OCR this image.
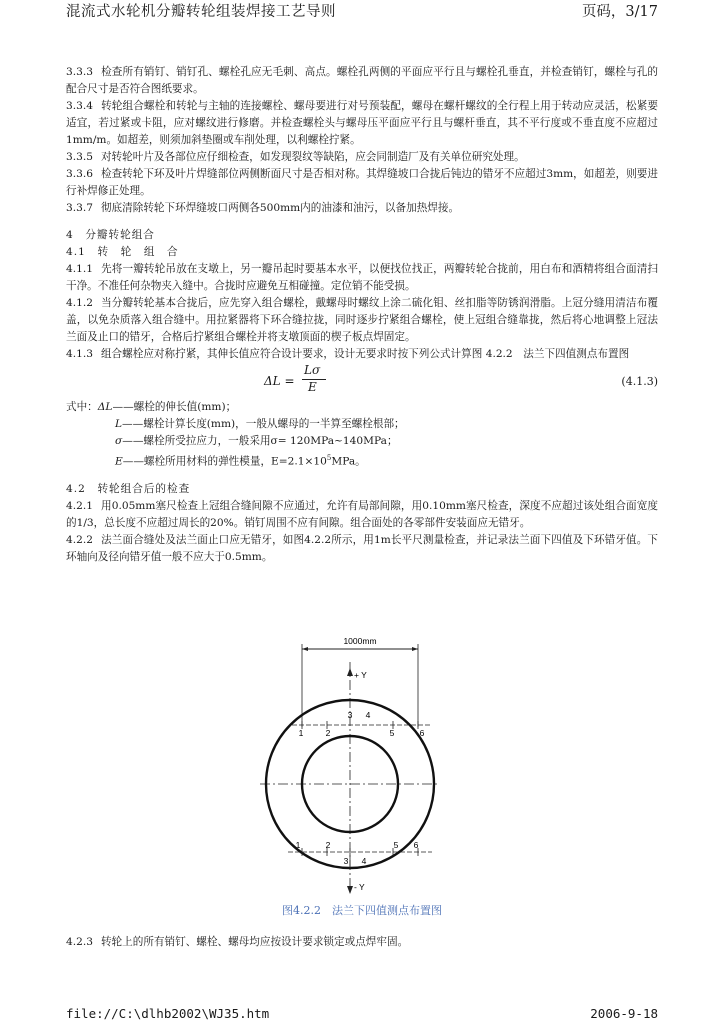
混流式水轮机分瓣转轮组装焊接工艺导则	页码，3/17

3.3.3 检查所有销钉、销钉孔、螺栓孔应无毛刺、高点。螺栓孔两侧的平面应平行且与螺栓孔垂直，并检查销钉，螺栓与孔的配合尺寸是否符合图纸要求。

3.3.4 转轮组合螺栓和转轮与主轴的连接螺栓、螺母要进行对号预装配，螺母在螺杆螺纹的全行程上用于转动应灵活，松紧要适宜，若过紧或卡阻，应对螺纹进行修磨。并检查螺栓头与螺母压平面应平行且与螺杆垂直，其不平行度或不垂直度不应超过1mm/m。如超差，则须加斜垫圈或车削处理，以利螺栓拧紧。

3.3.5 对转轮叶片及各部位应仔细检查，如发现裂纹等缺陷，应会同制造厂及有关单位研究处理。

3.3.6 检查转轮下环及叶片焊缝部位两侧断面尺寸是否相对称。其焊缝坡口合拢后钝边的错牙不应超过3mm，如超差，则要进行补焊修正处理。

3.3.7 彻底清除转轮下环焊缝坡口两侧各500mm内的油漆和油污，以备加热焊接。

4　分瓣转轮组合

4.1　转　轮　组　合

4.1.1 先将一瓣转轮吊放在支墩上，另一瓣吊起时要基本水平，以便找位找正，两瓣转轮合拢前，用白布和酒精将组合面清扫干净。不准任何杂物夹入缝中。合拢时应避免互相碰撞。定位销不能受损。

4.1.2 当分瓣转轮基本合拢后，应先穿入组合螺栓，戴螺母时螺纹上涂二硫化钼、丝扣脂等防锈润滑脂。上冠分缝用清洁布覆盖，以免杂质落入组合缝中。用拉紧器将下环合缝拉拢，同时逐步拧紧组合螺栓，使上冠组合缝靠拢，然后将心地调整上冠法兰面及止口的错牙，合格后拧紧组合螺栓并将支墩顶面的楔子板点焊固定。

4.1.3 组合螺栓应对称拧紧，其伸长值应符合设计要求，设计无要求时按下列公式计算图 4.2.2　法兰下四值测点布置图

ΔL =
Lσ
E	(4.1.3)

式中：ΔL——螺栓的伸长值(mm)；

L——螺栓计算长度(mm)，一般从螺母的一半算至螺栓根部；

σ——螺栓所受拉应力，一般采用σ= 120MPa~140MPa；

E——螺栓所用材料的弹性模量，$E=2.1\times 10^5MPa$。

4.2　转轮组合后的检查

4.2.1 用0.05mm塞尺检查上冠组合缝间隙不应通过，允许有局部间隙，用0.10mm塞尺检查，深度不应超过该处组合面宽度的1/3，总长度不应超过周长的20%。销钉周围不应有间隙。组合面处的各零部件安装面应无错牙。

4.2.2 法兰面合缝处及法兰面止口应无错牙，如图4.2.2所示，用1m长平尺测量检查，并记录法兰面下四值及下环错牙值。下环轴向及径向错牙值一般不应大于0.5mm。

1000mm
+ Y
- Y
1	2
3 4
5	6
1	2
3 4
5 6
图4.2.2　法兰下四值测点布置图

4.2.3 转轮上的所有销钉、螺栓、螺母均应按设计要求锁定或点焊牢固。

file://C:\dlhb2002\WJ35.htm	2006-9-18
